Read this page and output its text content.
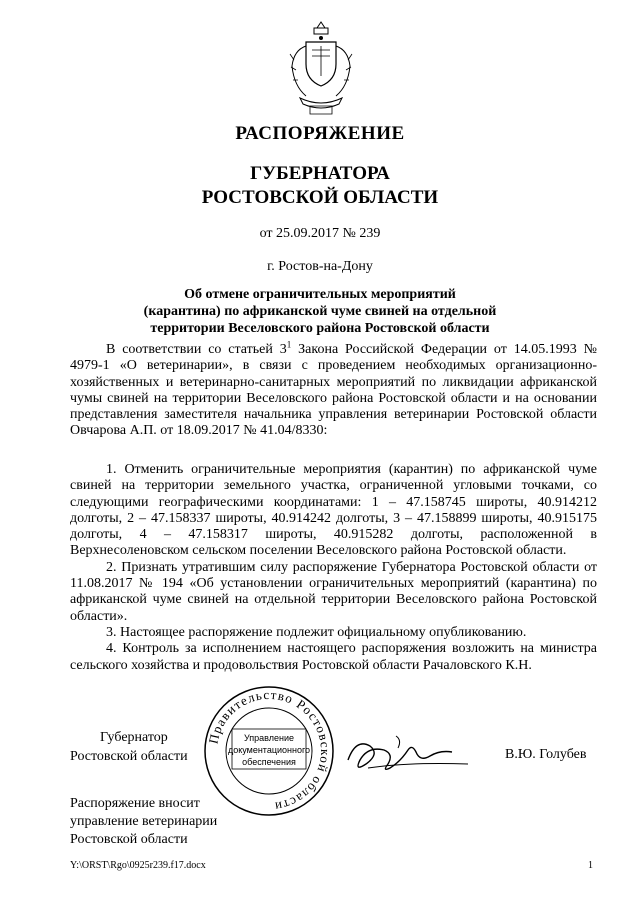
РАСПОРЯЖЕНИЕ
ГУБЕРНАТОРА
РОСТОВСКОЙ ОБЛАСТИ
от 25.09.2017 № 239
г. Ростов-на-Дону
Об отмене ограничительных мероприятий
(карантина) по африканской чуме свиней на отдельной
территории Веселовского района Ростовской области

В соответствии со статьей $3^1$ Закона Российской Федерации от 14.05.1993 № 4979-1 «О ветеринарии», в связи с проведением необходимых организационно-хозяйственных и ветеринарно-санитарных мероприятий по ликвидации африканской чумы свиней на территории Веселовского района Ростовской области и на основании представления заместителя начальника управления ветеринарии Ростовской области Овчарова А.П. от 18.09.2017 № 41.04/8330:

1. Отменить ограничительные мероприятия (карантин) по африканской чуме свиней на территории земельного участка, ограниченной угловыми точками, со следующими географическими координатами: 1 – 47.158745 широты, 40.914212 долготы, 2 – 47.158337 широты, 40.914242 долготы, 3 – 47.158899 широты, 40.915175 долготы, 4 – 47.158317 широты, 40.915282 долготы, расположенной в Верхнесоленовском сельском поселении Веселовского района Ростовской области.

2. Признать утратившим силу распоряжение Губернатора Ростовской области от 11.08.2017 № 194 «Об установлении ограничительных мероприятий (карантина) по африканской чуме свиней на отдельной территории Веселовского района Ростовской области».

3. Настоящее распоряжение подлежит официальному опубликованию.

4. Контроль за исполнением настоящего распоряжения возложить на министра сельского хозяйства и продовольствия Ростовской области Рачаловского К.Н.

Губернатор
Ростовской области
Правительство Ростовской области
Управление
документационного
обеспечения	В.Ю. Голубев
Распоряжение вносит
управление ветеринарии
Ростовской области
Y:\ORST\Rgo\0925r239.f17.docx	1
